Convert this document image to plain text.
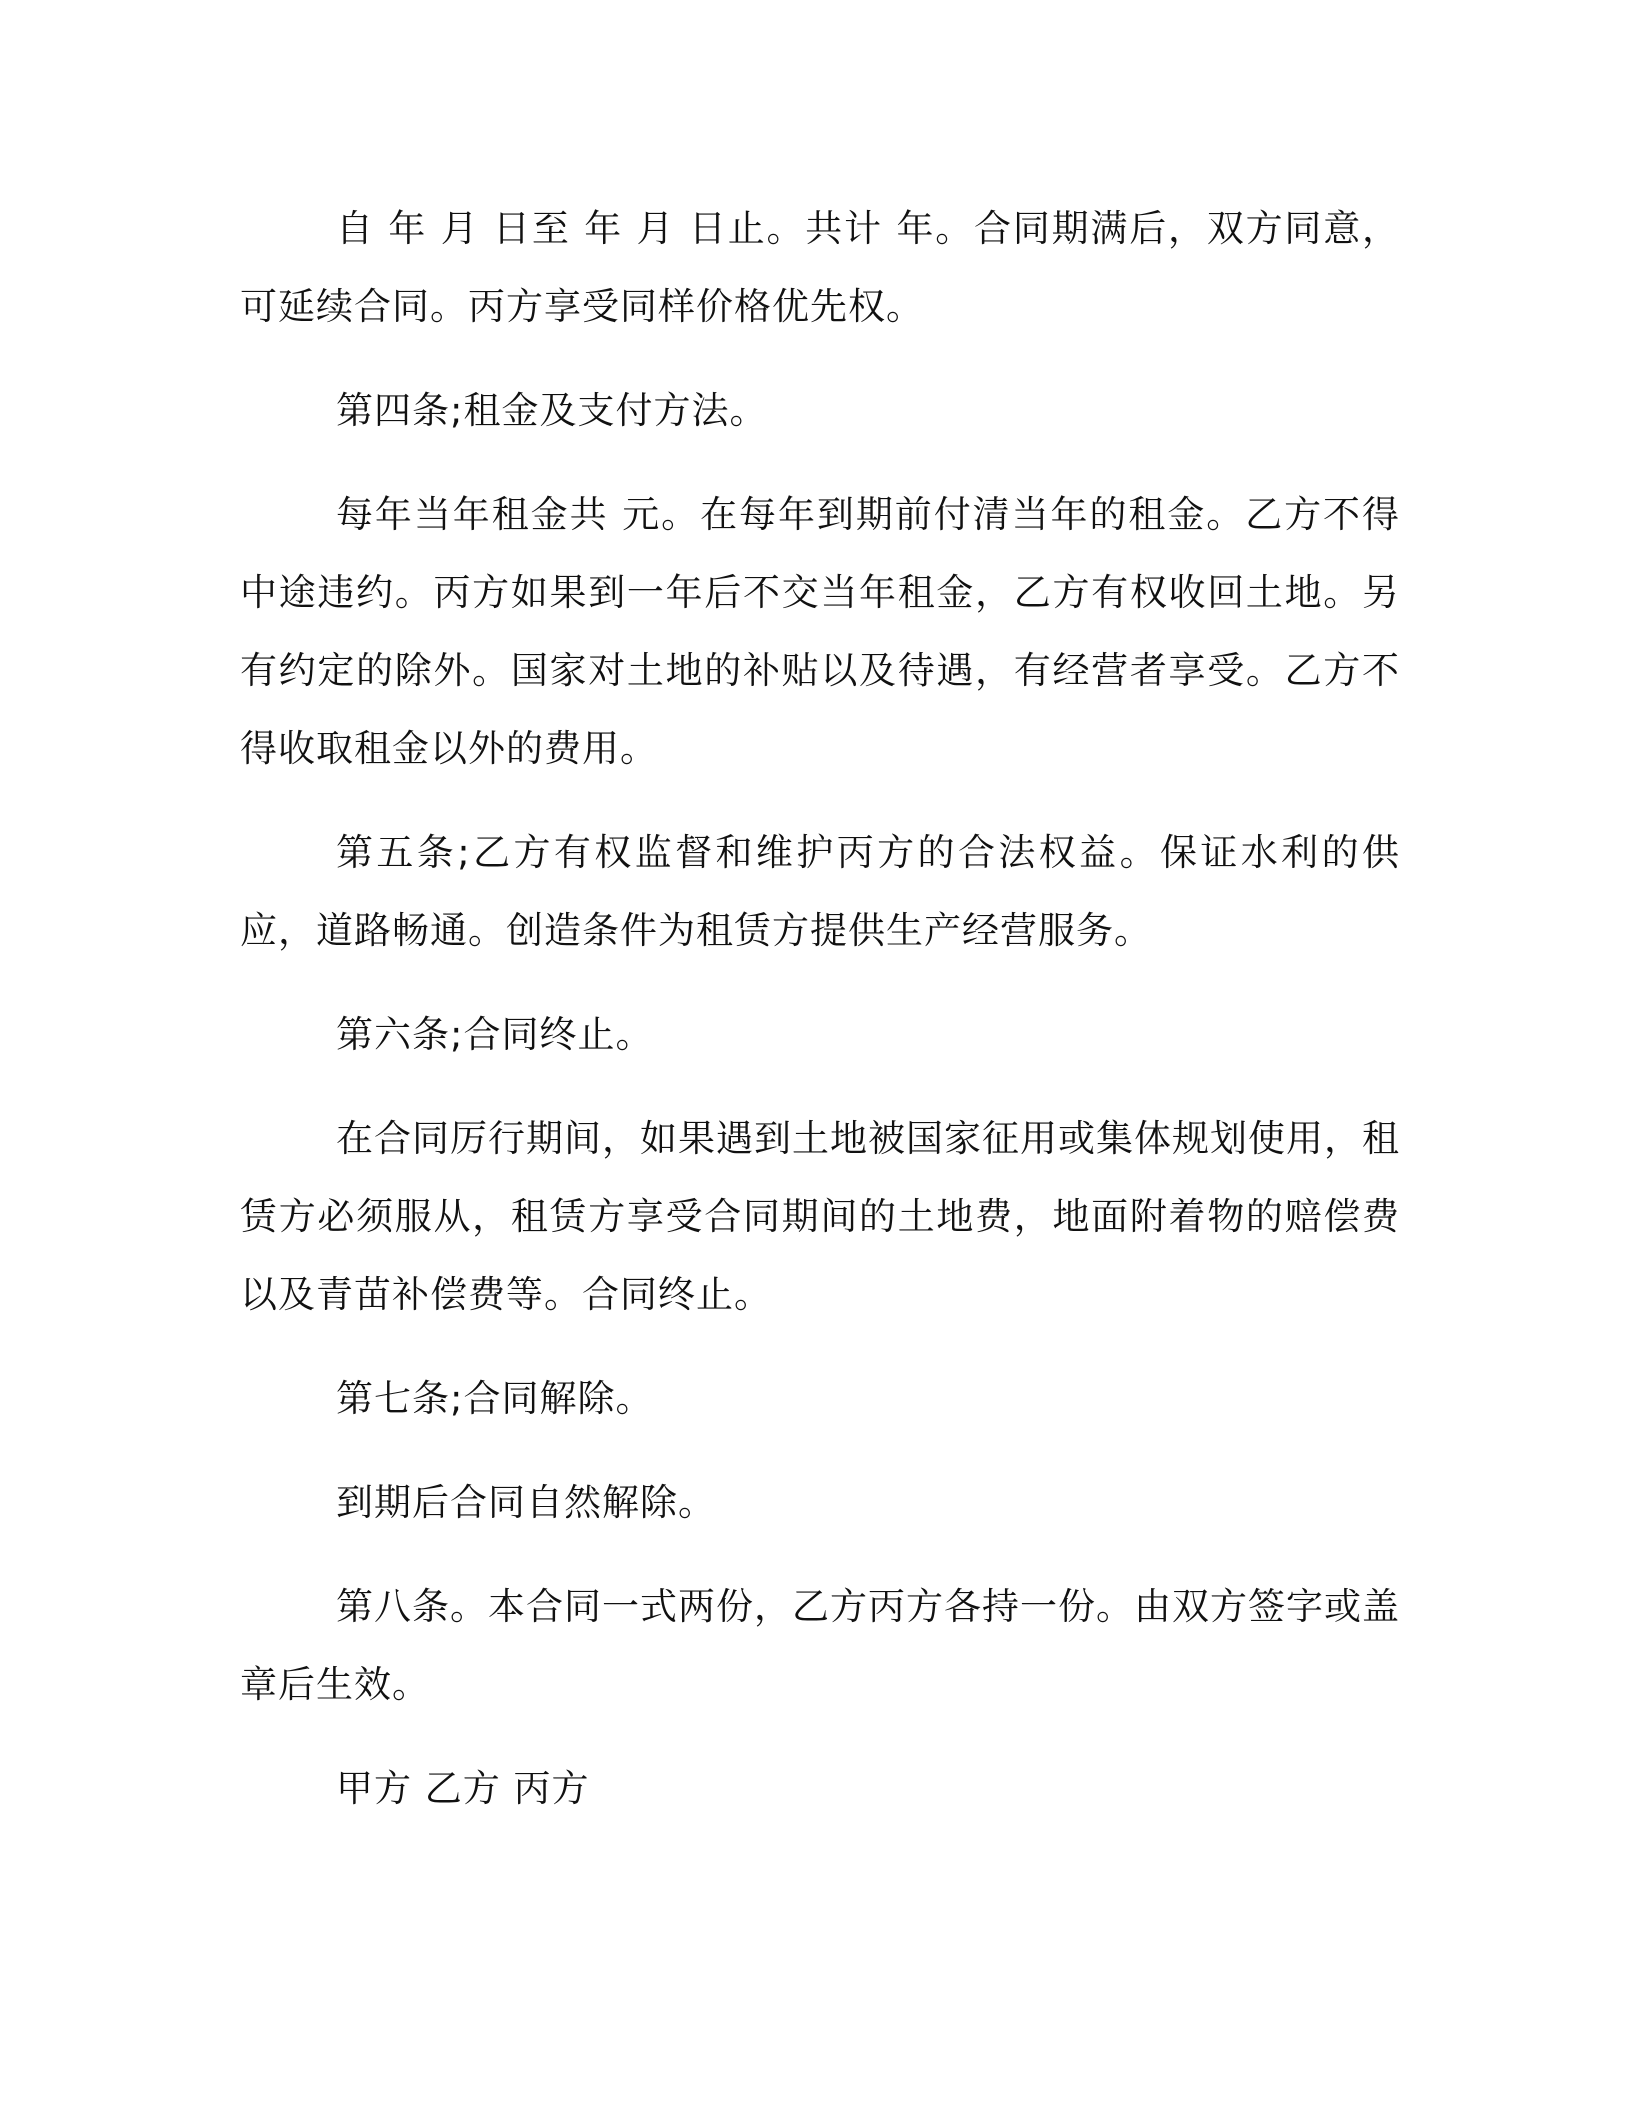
自 年 月 日至 年 月 日止。共计 年。合同期满后，双方同意，可延续合同。丙方享受同样价格优先权。

第四条;租金及支付方法。

每年当年租金共 元。在每年到期前付清当年的租金。乙方不得中途违约。丙方如果到一年后不交当年租金，乙方有权收回土地。另有约定的除外。国家对土地的补贴以及待遇，有经营者享受。乙方不得收取租金以外的费用。

第五条;乙方有权监督和维护丙方的合法权益。保证水利的供应，道路畅通。创造条件为租赁方提供生产经营服务。

第六条;合同终止。

在合同厉行期间，如果遇到土地被国家征用或集体规划使用，租赁方必须服从，租赁方享受合同期间的土地费，地面附着物的赔偿费以及青苗补偿费等。合同终止。

第七条;合同解除。

到期后合同自然解除。

第八条。本合同一式两份，乙方丙方各持一份。由双方签字或盖章后生效。

甲方 乙方 丙方
